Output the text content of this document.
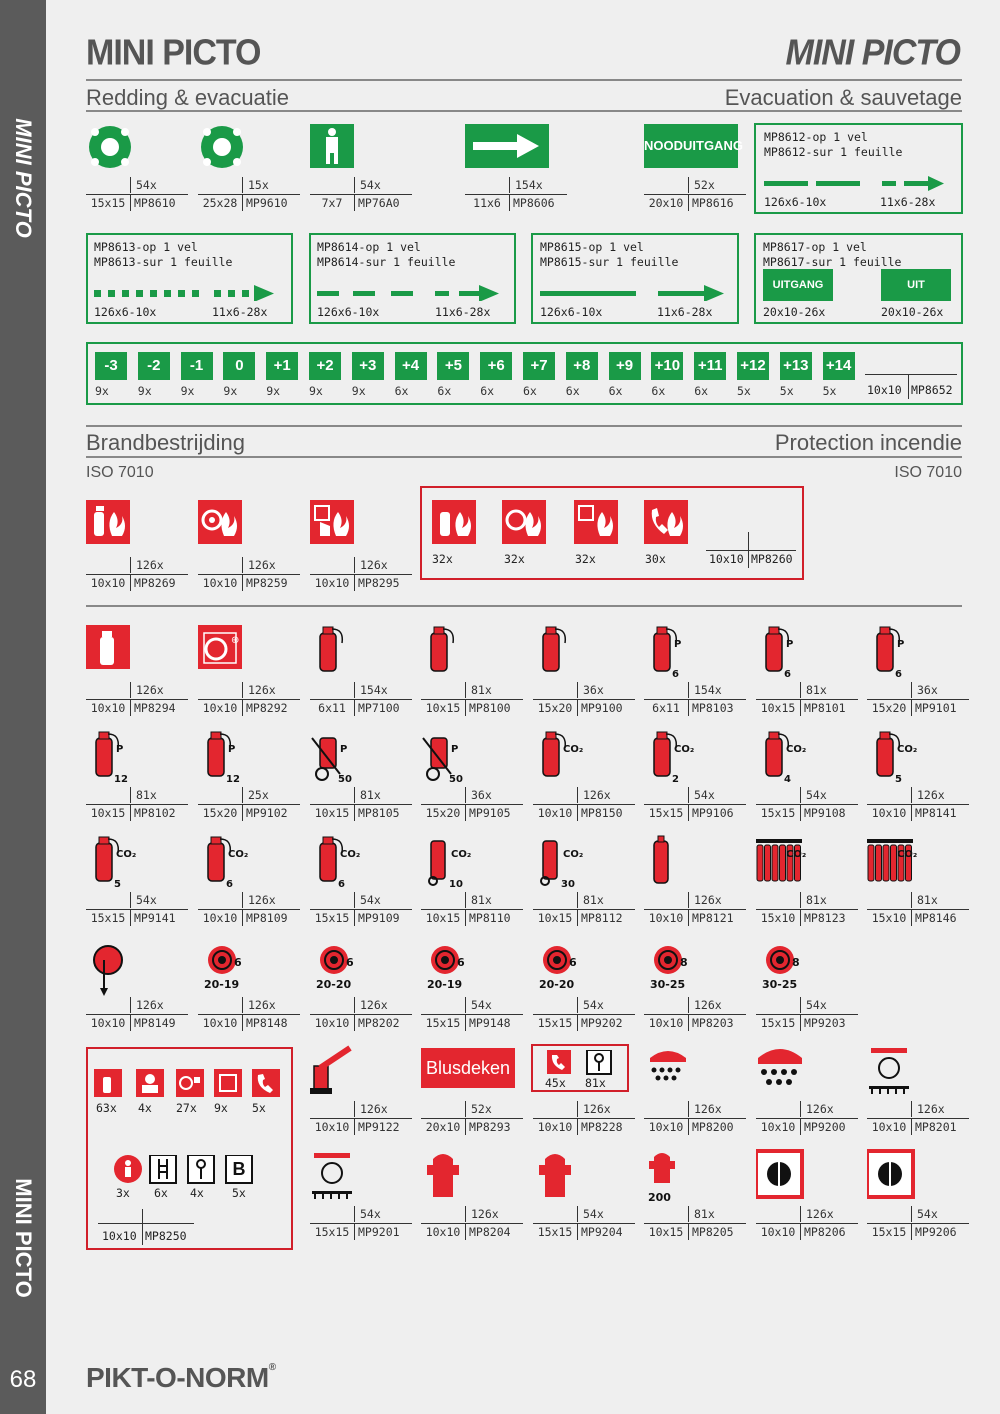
MINI PICTO
MINI PICTO
68
MINI PICTO	MINI PICTO
Redding & evacuatie	Evacuation & sauvetage
54x
15x15 MP8610
15x
25x28 MP9610
54x
7x7	MP76A0
154x
11x6	MP8606
NOODUITGANG
52x
20x10 MP8616
MP8612-op 1 vel
MP8612-sur 1 feuille
126x6-10x	11x6-28x
MP8613-op 1 vel
MP8613-sur 1 feuille
126x6-10x	11x6-28x
MP8614-op 1 vel
MP8614-sur 1 feuille
126x6-10x	11x6-28x
MP8615-op 1 vel
MP8615-sur 1 feuille
126x6-10x	11x6-28x
MP8617-op 1 vel
MP8617-sur 1 feuille
UITGANG	UIT
20x10-26x	20x10-26x
-3
9x
-2
9x
-1
9x
0
9x
+1
9x
+2
9x
+3
9x
+4
6x
+5
6x
+6
6x
+7
6x
+8
6x
+9
6x
+10
6x
+11
6x
+12
5x
+13
5x
+14
5x	10x10 MP8652
Brandbestrijding	Protection incendie
ISO 7010	ISO 7010
126x
10x10 MP8269
126x
10x10 MP8259
126x
10x10 MP8295
32x	32x	32x	30x	10x10 MP8260
126x
10x10 MP8294
⊕
126x
10x10 MP8292
154x
6x11	MP7100
81x
10x15 MP8100
36x
15x20 MP9100
P
6
154x
6x11	MP8103
P
6
81x
10x15 MP8101
P
6
36x
15x20 MP9101
P
12
81x
10x15 MP8102
P
12
25x
15x20 MP9102
P
50
81x
10x15 MP8105
P
50
36x
15x20 MP9105
CO₂
126x
10x10 MP8150
CO₂
2
54x
15x15 MP9106
CO₂
4
54x
15x15 MP9108
CO₂
5
126x
10x10 MP8141
CO₂
5
54x
15x15 MP9141
CO₂
6
126x
10x10 MP8109
CO₂
6
54x
15x15 MP9109
CO₂
10
81x
10x15 MP8110
CO₂
30
81x
10x15 MP8112
126x
10x10 MP8121
CO₂
81x
15x10 MP8123
CO₂
81x
15x10 MP8146
126x
10x10 MP8149
6
20-19
126x
10x10 MP8148
6
20-20
126x
10x10 MP8202
6
20-19
54x
15x15 MP9148
6
20-20
54x
15x15 MP9202
8
30-25
126x
10x10 MP8203
8
30-25
54x
15x15 MP9203
63x 4x 27x 9x 5x
B
3x 6x 4x 5x
10x10 MP8250
126x
10x10 MP9122
52x
20x10 MP8293
Blusdeken
126x
10x10 MP8228
45x 81x
126x
10x10 MP8200
126x
10x10 MP9200
126x
10x10 MP8201
54x
15x15 MP9201
126x
10x10 MP8204
54x
15x15 MP9204
200
81x
10x15 MP8205
126x
10x10 MP8206
54x
15x15 MP9206
PIKT-O-NORM®
